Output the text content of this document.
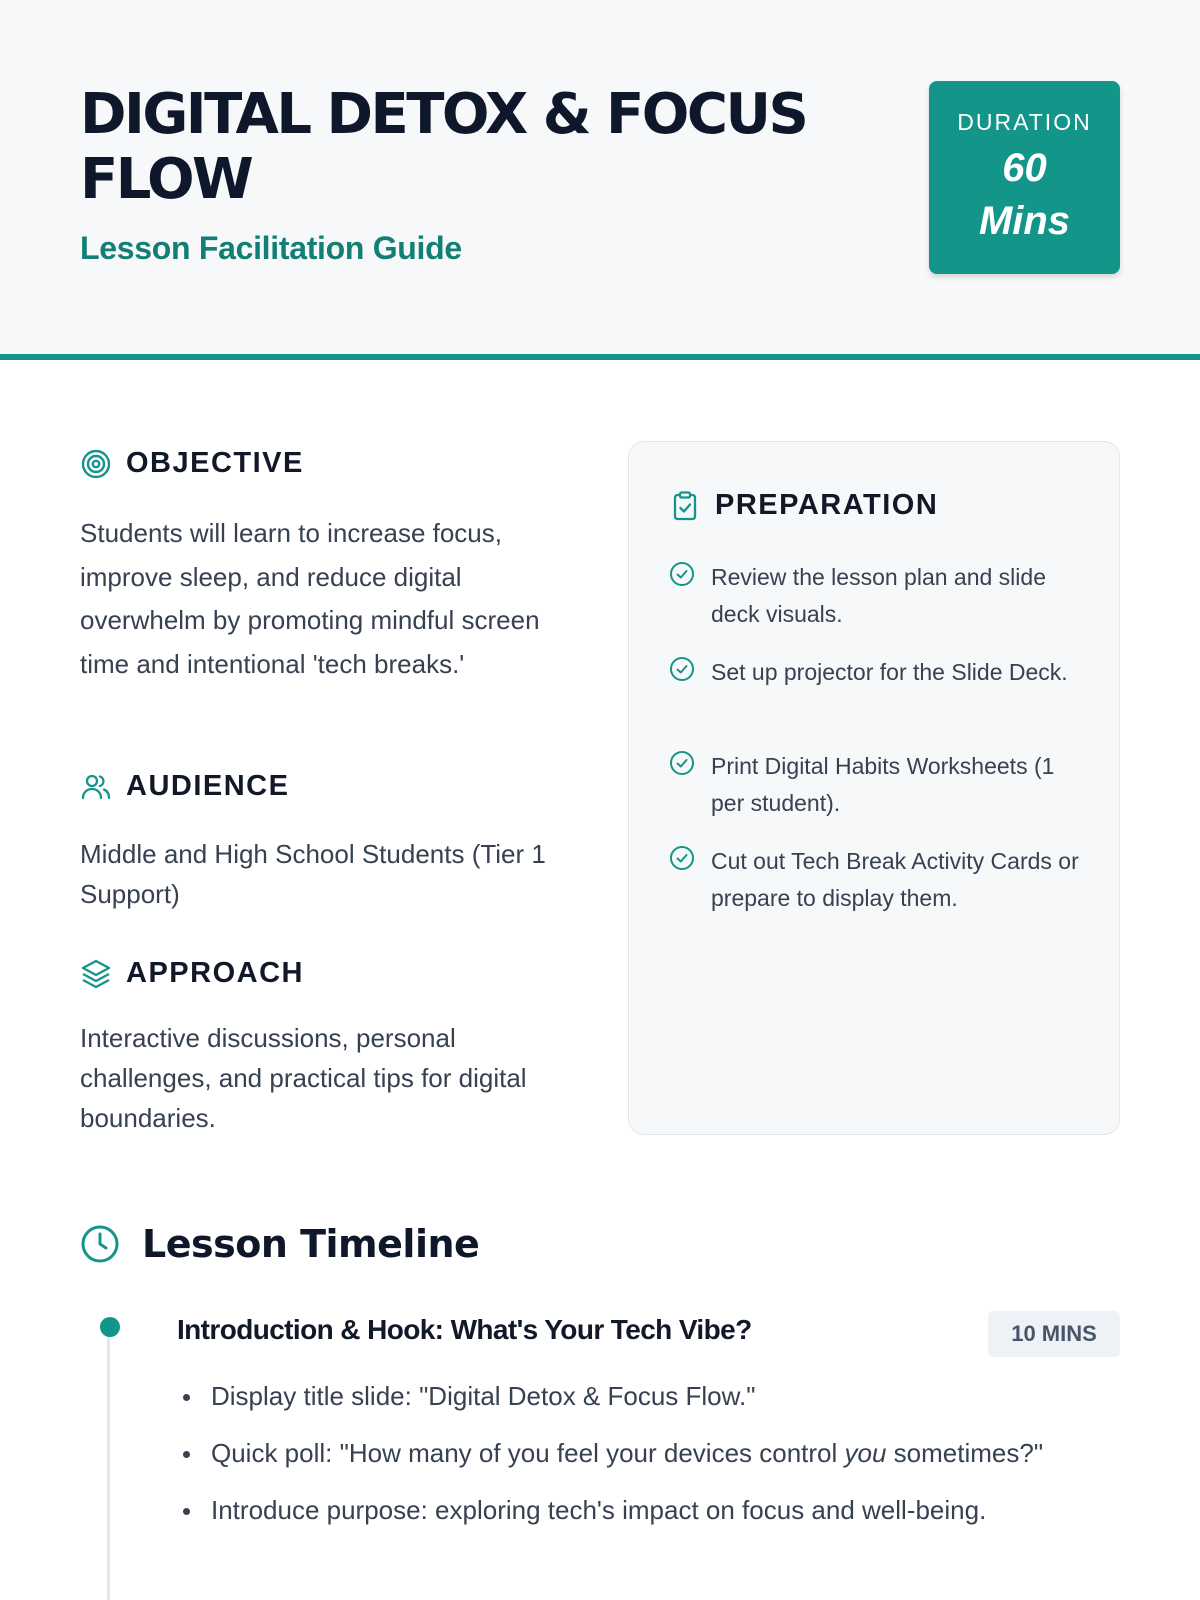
DIGITAL DETOX & FOCUS FLOW
Lesson Facilitation Guide
DURATION
60 Mins
OBJECTIVE

Students will learn to increase focus, improve sleep, and reduce digital overwhelm by promoting mindful screen time and intentional 'tech breaks.'

AUDIENCE

Middle and High School Students (Tier 1 Support)

APPROACH

Interactive discussions, personal challenges, and practical tips for digital boundaries.

PREPARATION
Review the lesson plan and slide deck visuals.
Set up projector for the Slide Deck.
Print Digital Habits Worksheets (1 per student).
Cut out Tech Break Activity Cards or prepare to display them.
Lesson Timeline
Introduction & Hook: What's Your Tech Vibe?	10 MINS
Display title slide: "Digital Detox & Focus Flow."
Quick poll: "How many of you feel your devices control you sometimes?"
Introduce purpose: exploring tech's impact on focus and well-being.
